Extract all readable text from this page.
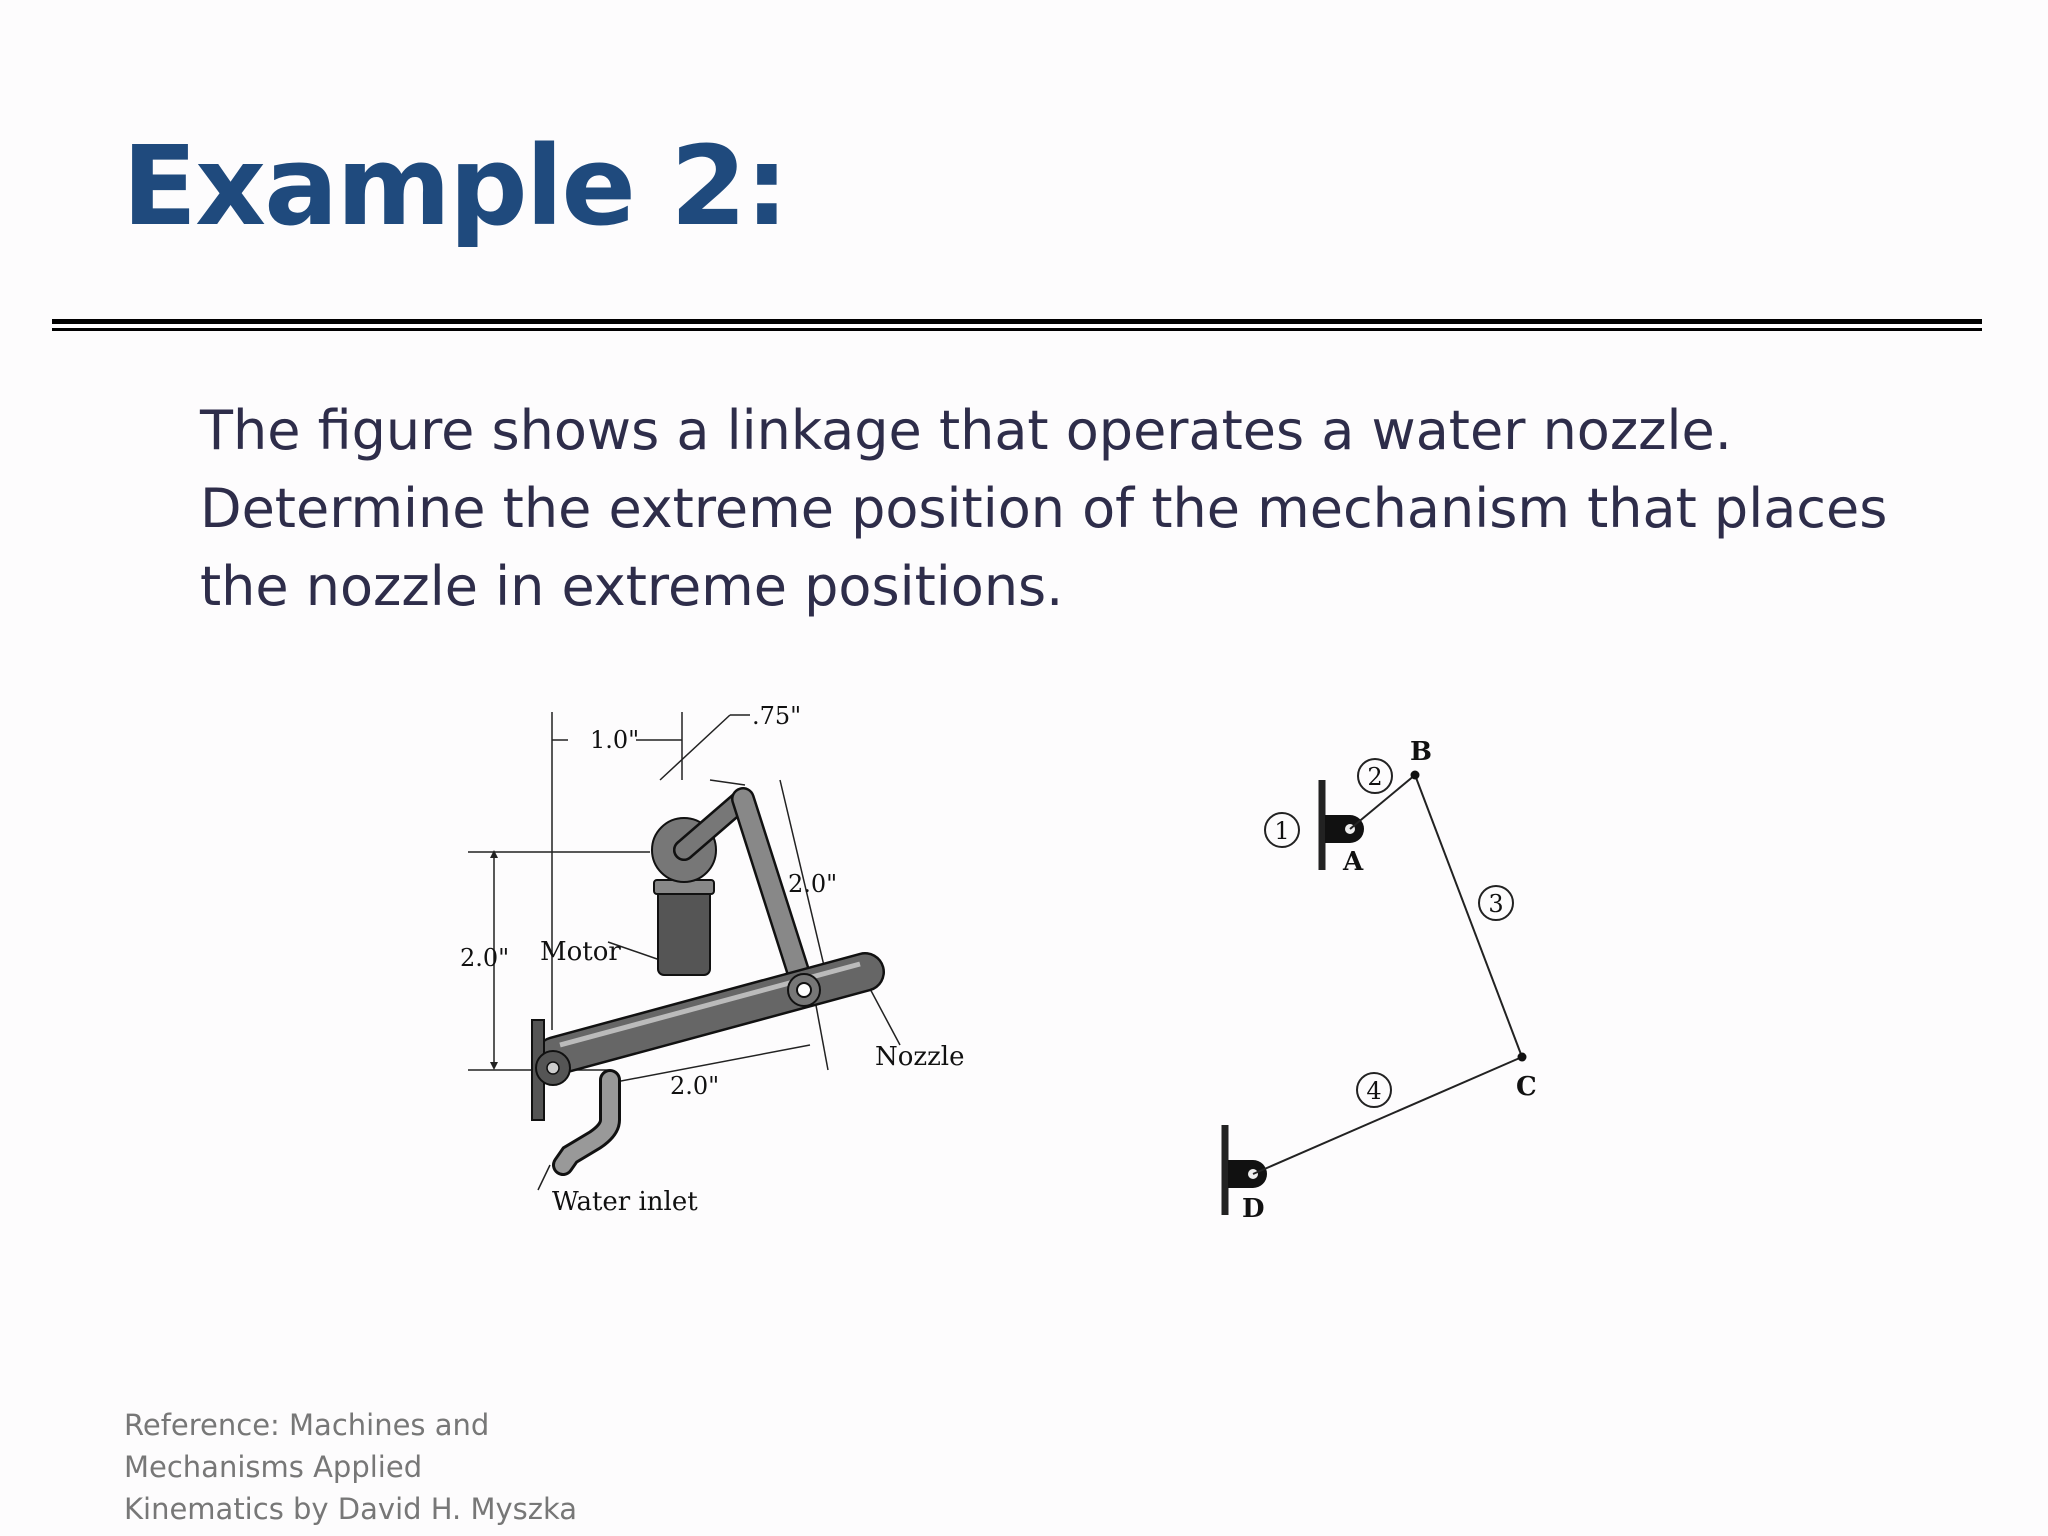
Example 2:

The figure shows a linkage that operates a water nozzle. Determine the extreme position of the mechanism that places the nozzle in extreme positions.

1.0"
.75"
2.0"
2.0"
2.0"
Motor
Nozzle
Water inlet
1
2
3
4
A
B
C
D

Reference: Machines and Mechanisms Applied Kinematics by David H. Myszka
